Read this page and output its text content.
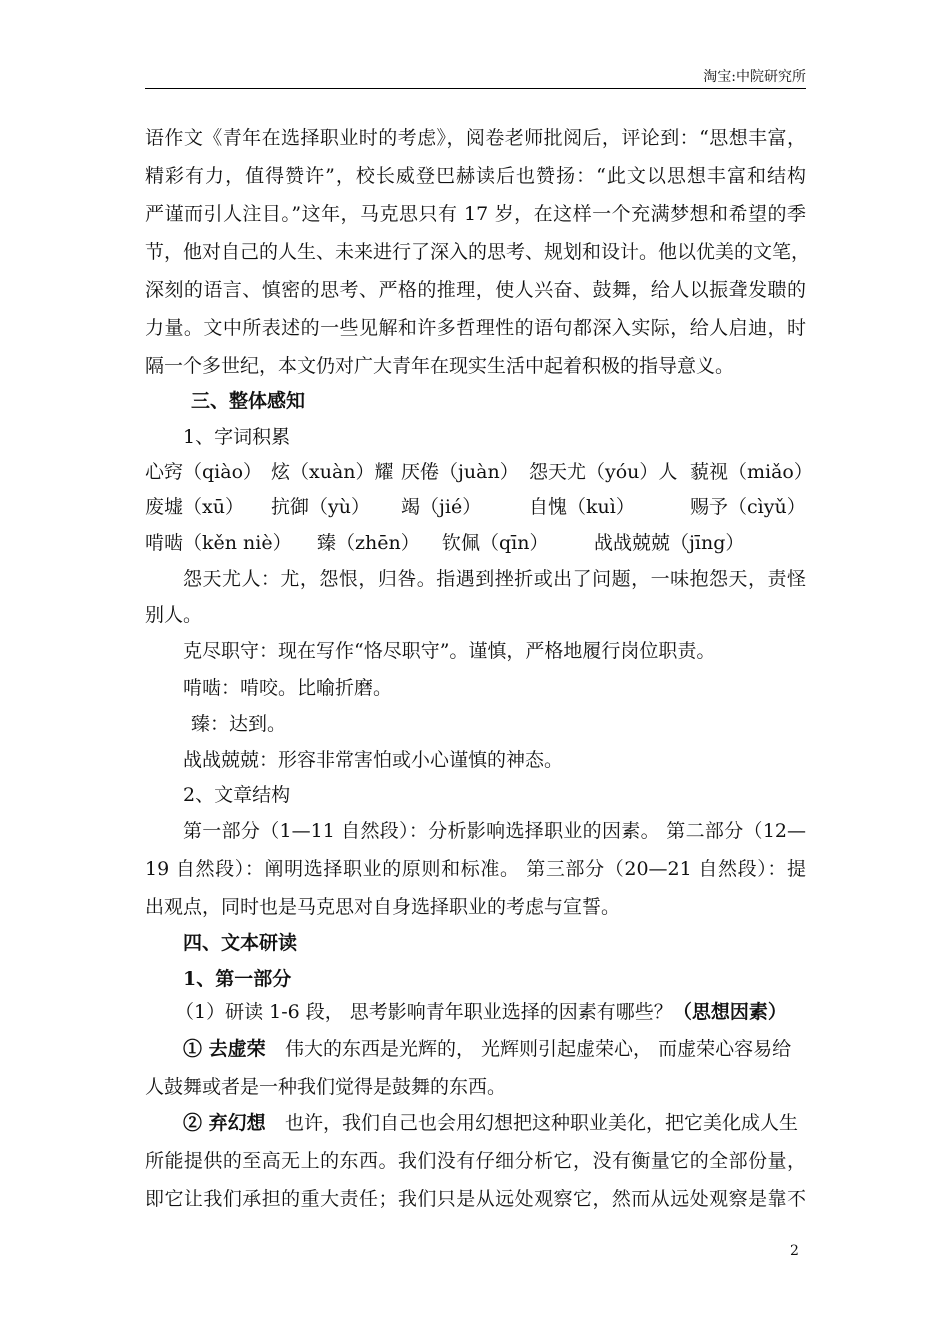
淘宝:中院研究所
语作文《青年在选择职业时的考虑》，阅卷老师批阅后，评论到：“思想丰富，
精彩有力，值得赞许”，校长威登巴赫读后也赞扬：“此文以思想丰富和结构
严谨而引人注目。”这年，马克思只有 17 岁，在这样一个充满梦想和希望的季
节，他对自己的人生、未来进行了深入的思考、规划和设计。他以优美的文笔，
深刻的语言、慎密的思考、严格的推理，使人兴奋、鼓舞，给人以振聋发聩的
力量。文中所表述的一些见解和许多哲理性的语句都深入实际，给人启迪，时
隔一个多世纪，本文仍对广大青年在现实生活中起着积极的指导意义。
三、整体感知
1、字词积累
心窍（qiào） 炫（xuàn）耀 厌倦（juàn） 怨天尤（yóu）人 藐视（miǎo）
废墟（xū） 抗御（yù） 竭（jié）	自愧（kuì）	赐予（cìyǔ）
啃啮（kěn niè） 臻（zhēn） 钦佩（qīn） 战战兢兢（jīng）
怨天尤人：尤，怨恨，归咎。指遇到挫折或出了问题，一味抱怨天，责怪
别人。
克尽职守：现在写作“恪尽职守”。谨慎，严格地履行岗位职责。
啃啮：啃咬。比喻折磨。
臻：达到。
战战兢兢：形容非常害怕或小心谨慎的神态。
2、文章结构
第一部分（1—11 自然段）：分析影响选择职业的因素。 第二部分（12—
19 自然段）：阐明选择职业的原则和标准。 第三部分（20—21 自然段）：提
出观点，同时也是马克思对自身选择职业的考虑与宣誓。
四、文本研读
1、第一部分
（1）研读 1-6 段， 思考影响青年职业选择的因素有哪些？（思想因素）
① 去虚荣 伟大的东西是光辉的， 光辉则引起虚荣心， 而虚荣心容易给
人鼓舞或者是一种我们觉得是鼓舞的东西。
② 弃幻想 也许，我们自己也会用幻想把这种职业美化，把它美化成人生
所能提供的至高无上的东西。我们没有仔细分析它，没有衡量它的全部份量，
即它让我们承担的重大责任；我们只是从远处观察它，然而从远处观察是靠不
2
